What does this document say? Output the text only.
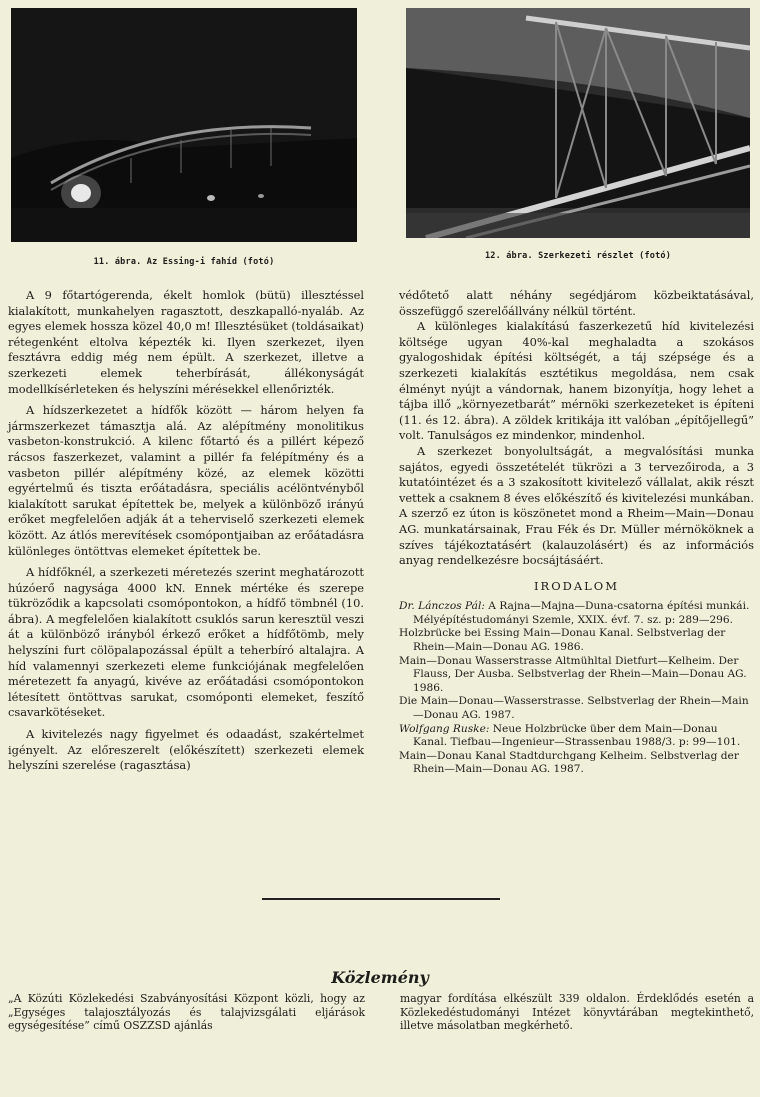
11. ábra. Az Essing-i fahíd (fotó)
12. ábra. Szerkezeti részlet (fotó)

A 9 főtartógerenda, ékelt homlok (bütü) illesztéssel kialakított, munkahelyen ragasztott, deszkapalló-nyaláb. Az egyes elemek hossza közel 40,0 m! Illesztésüket (toldásaikat) rétegenként eltolva képezték ki. Ilyen szerkezet, ilyen fesztávra eddig még nem épült. A szerkezet, illetve a szerkezeti elemek teherbírását, állékonyságát modellkísérleteken és helyszíni mérésekkel ellenőrizték.

A hídszerkezetet a hídfők között — három helyen fa jármszerkezet támasztja alá. Az alépítmény monolitikus vasbeton-konstrukció. A kilenc főtartó és a pillért képező rácsos faszerkezet, valamint a pillér fa felépítmény és a vasbeton pillér alépítmény közé, az elemek közötti egyértelmű és tiszta erőátadásra, speciális acélöntvényből kialakított sarukat építettek be, melyek a különböző irányú erőket megfelelően adják át a teherviselő szerkezeti elemek között. Az átlós merevítések csomópontjaiban az erőátadásra különleges öntöttvas elemeket építettek be.

A hídfőknél, a szerkezeti méretezés szerint meghatározott húzóerő nagysága 4000 kN. Ennek mértéke és szerepe tükröződik a kapcsolati csomópontokon, a hídfő tömbnél (10. ábra). A megfelelően kialakított csuklós sarun keresztül veszi át a különböző irányból érkező erőket a hídfőtömb, mely helyszíni furt cölöpalapozással épült a teherbíró altalajra. A híd valamennyi szerkezeti eleme funkciójának megfelelően méretezett fa anyagú, kivéve az erőátadási csomópontokon létesített öntöttvas sarukat, csomóponti elemeket, feszítő csavarkötéseket.

A kivitelezés nagy figyelmet és odaadást, szakértelmet igényelt. Az előreszerelt (előkészített) szerkezeti elemek helyszíni szerelése (ragasztása)

védőtető alatt néhány segédjárom közbeiktatásával, összefüggő szerelőállvány nélkül történt.

A különleges kialakítású faszerkezetű híd kivitelezési költsége ugyan 40%-kal meghaladta a szokásos gyalogoshidak építési költségét, a táj szépsége és a szerkezeti kialakítás esztétikus megoldása, nem csak élményt nyújt a vándornak, hanem bizonyítja, hogy lehet a tájba illő „környezetbarát” mérnöki szerkezeteket is építeni (11. és 12. ábra). A zöldek kritikája itt valóban „építőjellegű” volt. Tanulságos ez mindenkor, mindenhol.

A szerkezet bonyolultságát, a megvalósítási munka sajátos, egyedi összetételét tükrözi a 3 tervezőiroda, a 3 kutatóintézet és a 3 szakosított kivitelező vállalat, akik részt vettek a csaknem 8 éves előkészítő és kivitelezési munkában. A szerző ez úton is köszönetet mond a Rheim—Main—Donau AG. munkatársainak, Frau Fék és Dr. Müller mérnököknek a szíves tájékoztatásért (kalauzolásért) és az információs anyag rendelkezésre bocsájtásáért.

IRODALOM
Dr. Lánczos Pál: A Rajna—Majna—Duna-csatorna építési munkái. Mélyépítéstudományi Szemle, XXIX. évf. 7. sz. p: 289—296.
Holzbrücke bei Essing Main—Donau Kanal. Selbstverlag der Rhein—Main—Donau AG. 1986.
Main—Donau Wasserstrasse Altmühltal Dietfurt—Kelheim. Der Flauss, Der Ausba. Selbstverlag der Rhein—Main—Donau AG. 1986.
Die Main—Donau—Wasserstrasse. Selbstverlag der Rhein—Main—Donau AG. 1987.
Wolfgang Ruske: Neue Holzbrücke über dem Main—Donau Kanal. Tiefbau—Ingenieur—Strassenbau 1988/3. p: 99—101.
Main—Donau Kanal Stadtdurchgang Kelheim. Selbstverlag der Rhein—Main—Donau AG. 1987.
Közlemény
„A Közúti Közlekedési Szabványosítási Központ közli, hogy az „Egységes talajosztályozás és talajvizsgálati eljárások egységesítése” című OSZZSD ajánlás
magyar fordítása elkészült 339 oldalon. Érdeklődés esetén a Közlekedéstudományi Intézet könyvtárában megtekinthető, illetve másolatban megkérhető.
